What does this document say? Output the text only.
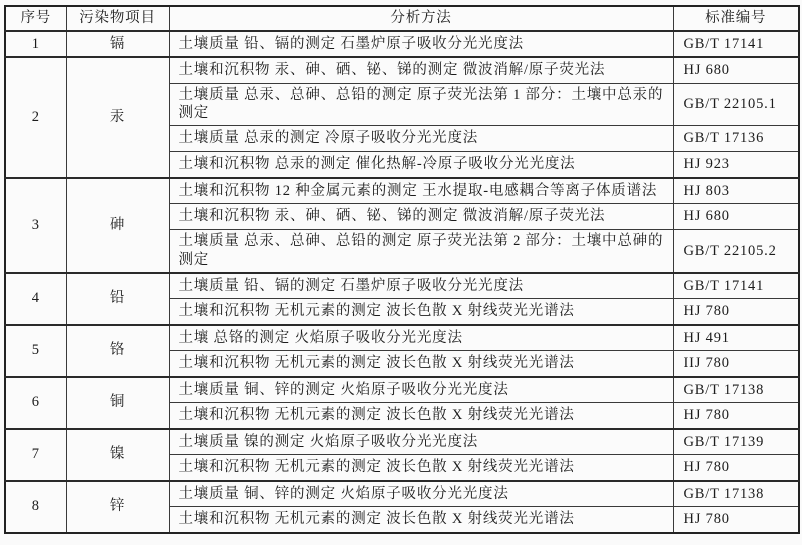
序号	污染物项目	分析方法	标准编号
1	镉	土壤质量 铅、镉的测定 石墨炉原子吸收分光光度法	GB/T 17141
2	汞	土壤和沉积物 汞、砷、硒、铋、锑的测定 微波消解/原子荧光法	HJ 680
		土壤质量 总汞、总砷、总铅的测定 原子荧光法第 1 部分：土壤中总汞的测定	GB/T 22105.1
		土壤质量 总汞的测定 冷原子吸收分光光度法	GB/T 17136
		土壤和沉积物 总汞的测定 催化热解-冷原子吸收分光光度法	HJ 923
3	砷	土壤和沉积物 12 种金属元素的测定 王水提取-电感耦合等离子体质谱法	HJ 803
		土壤和沉积物 汞、砷、硒、铋、锑的测定 微波消解/原子荧光法	HJ 680
		土壤质量 总汞、总砷、总铅的测定 原子荧光法第 2 部分：土壤中总砷的测定	GB/T 22105.2
4	铅	土壤质量 铅、镉的测定 石墨炉原子吸收分光光度法	GB/T 17141
		土壤和沉积物 无机元素的测定 波长色散 X 射线荧光光谱法	HJ 780
5	铬	土壤 总铬的测定 火焰原子吸收分光光度法	HJ 491
		土壤和沉积物 无机元素的测定 波长色散 X 射线荧光光谱法	IIJ 780
6	铜	土壤质量 铜、锌的测定 火焰原子吸收分光光度法	GB/T 17138
		土壤和沉积物 无机元素的测定 波长色散 X 射线荧光光谱法	HJ 780
7	镍	土壤质量 镍的测定 火焰原子吸收分光光度法	GB/T 17139
		土壤和沉积物 无机元素的测定 波长色散 X 射线荧光光谱法	HJ 780
8	锌	土壤质量 铜、锌的测定 火焰原子吸收分光光度法	GB/T 17138
		土壤和沉积物 无机元素的测定 波长色散 X 射线荧光光谱法	HJ 780
